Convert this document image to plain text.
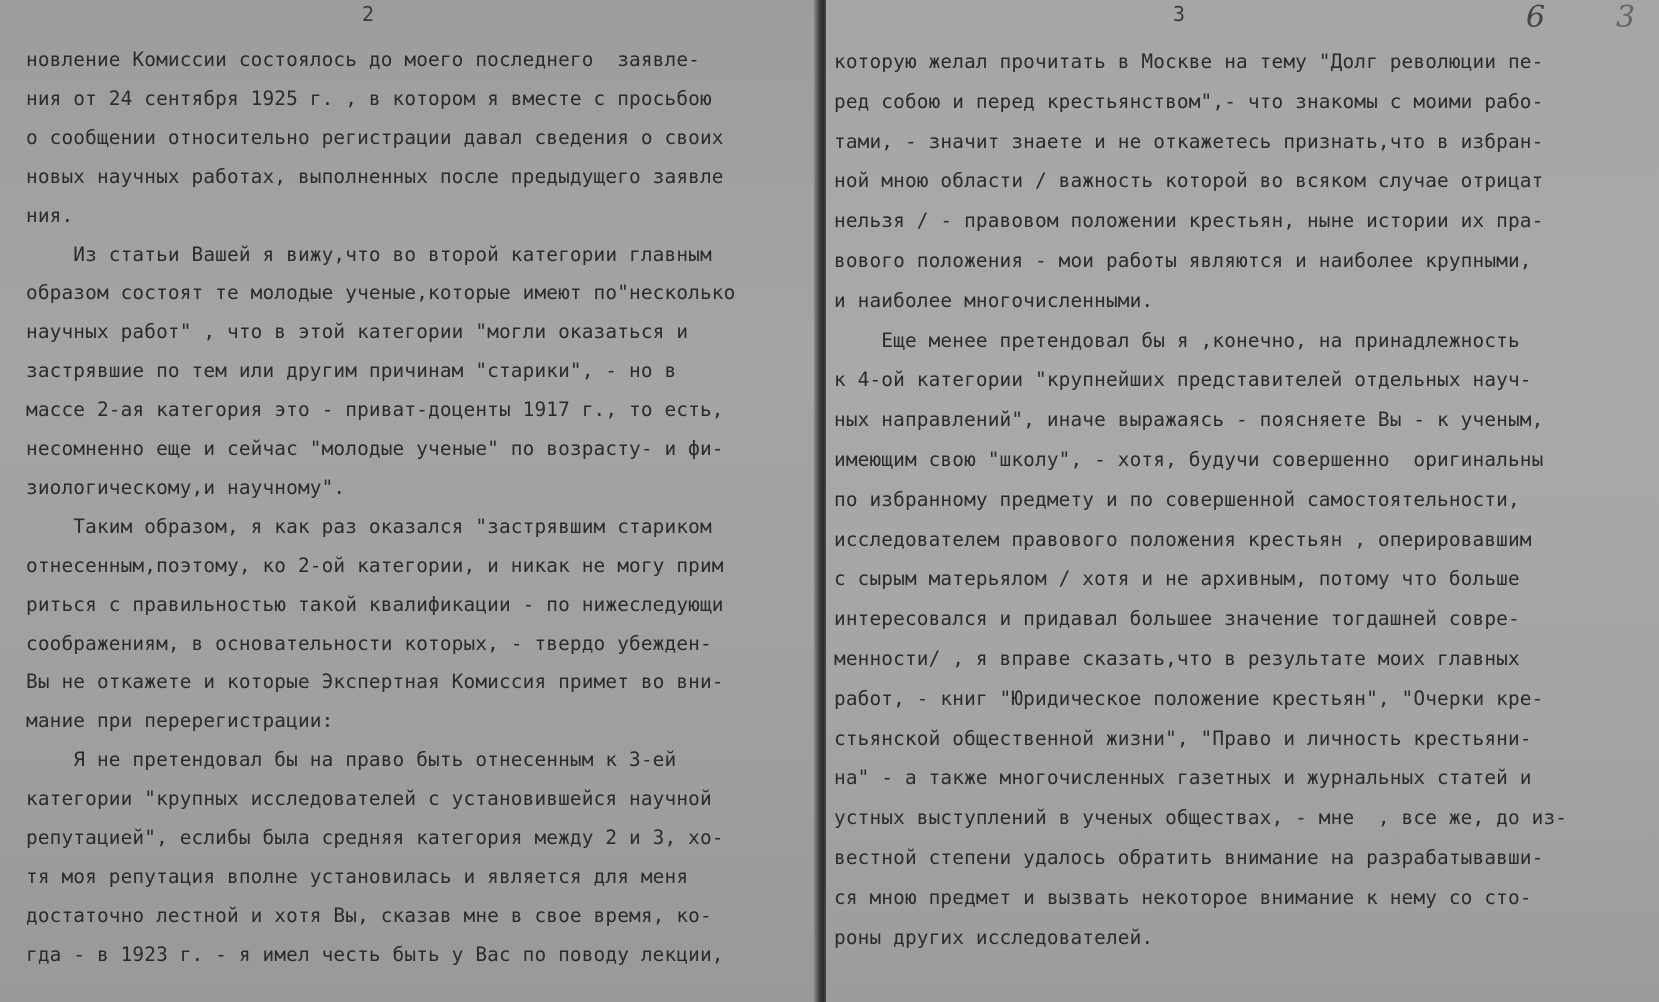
2
новление Комиссии состоялось до моего последнего  заявле-
ния от 24 сентября 1925 г. , в котором я вместе с просьбою
о сообщении относительно регистрации давал сведения о своих
новых научных работах, выполненных после предыдущего заявле
ния.
Из статьи Вашей я вижу,что во второй категории главным
образом состоят те молодые ученые,которые имеют по"несколько
научных работ" , что в этой категории "могли оказаться и
застрявшие по тем или другим причинам "старики", - но в
массе 2-ая категория это - приват-доценты 1917 г., то есть,
несомненно еще и сейчас "молодые ученые" по возрасту- и фи-
зиологическому,и научному".
Таким образом, я как раз оказался "застрявшим стариком
отнесенным,поэтому, ко 2-ой категории, и никак не могу прим
риться с правильностью такой квалификации - по нижеследующи
соображениям, в основательности которых, - твердо убежден-
Вы не откажете и которые Экспертная Комиссия примет во вни-
мание при перерегистрации:
Я не претендовал бы на право быть отнесенным к 3-ей
категории "крупных исследователей с установившейся научной
репутацией", еслибы была средняя категория между 2 и 3, хо-
тя моя репутация вполне установилась и является для меня
достаточно лестной и хотя Вы, сказав мне в свое время, ко-
гда - в 1923 г. - я имел честь быть у Вас по поводу лекции,
3	6 3
которую желал прочитать в Москве на тему "Долг революции пе-
ред собою и перед крестьянством",- что знакомы с моими рабо-
тами, - значит знаете и не откажетесь признать,что в избран-
ной мною области / важность которой во всяком случае отрицат
нельзя / - правовом положении крестьян, ныне истории их пра-
вового положения - мои работы являются и наиболее крупными,
и наиболее многочисленными.
Еще менее претендовал бы я ,конечно, на принадлежность
к 4-ой категории "крупнейших представителей отдельных науч-
ных направлений", иначе выражаясь - поясняете Вы - к ученым,
имеющим свою "школу", - хотя, будучи совершенно  оригинальны
по избранному предмету и по совершенной самостоятельности,
исследователем правового положения крестьян , оперировавшим
с сырым матерьялом / хотя и не архивным, потому что больше
интересовался и придавал большее значение тогдашней совре-
менности/ , я вправе сказать,что в результате моих главных
работ, - книг "Юридическое положение крестьян", "Очерки кре-
стьянской общественной жизни", "Право и личность крестьяни-
на" - а также многочисленных газетных и журнальных статей и
устных выступлений в ученых обществах, - мне  , все же, до из-
вестной степени удалось обратить внимание на разрабатывавши-
ся мною предмет и вызвать некоторое внимание к нему со сто-
роны других исследователей.
